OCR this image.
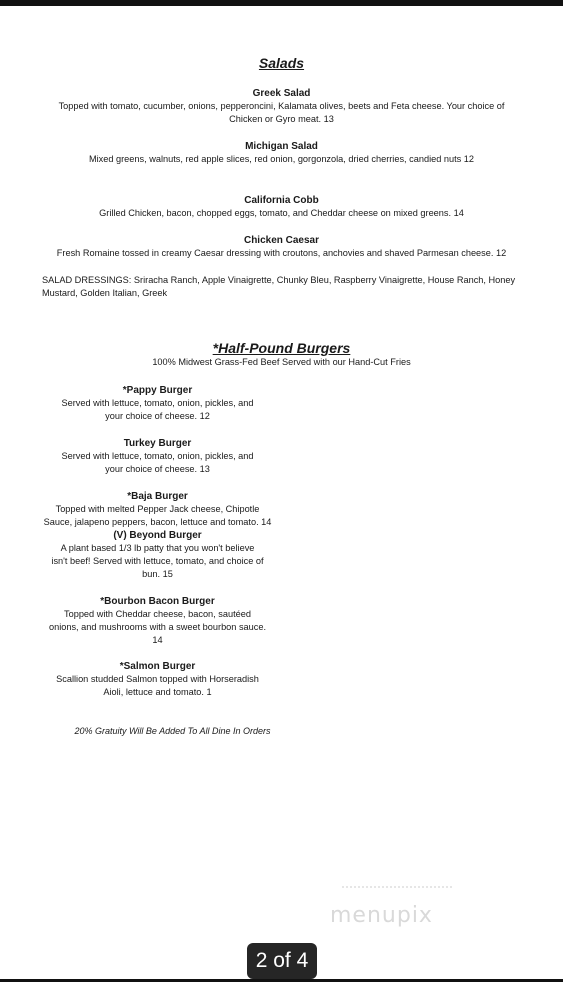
Salads

Greek Salad

Topped with tomato, cucumber, onions, pepperoncini, Kalamata olives, beets and Feta cheese. Your choice of

Chicken or Gyro meat. 13

Michigan Salad

Mixed greens, walnuts, red apple slices, red onion, gorgonzola, dried cherries, candied nuts 12

California Cobb

Grilled Chicken, bacon, chopped eggs, tomato, and Cheddar cheese on mixed greens. 14

Chicken Caesar

Fresh Romaine tossed in creamy Caesar dressing with croutons, anchovies and shaved Parmesan cheese. 12

SALAD DRESSINGS: Sriracha Ranch, Apple Vinaigrette, Chunky Bleu, Raspberry Vinaigrette, House Ranch, Honey

Mustard, Golden Italian, Greek

*Half-Pound Burgers

100% Midwest Grass-Fed Beef Served with our Hand-Cut Fries

*Pappy Burger

Served with lettuce, tomato, onion, pickles, and

your choice of cheese. 12

Turkey Burger

Served with lettuce, tomato, onion, pickles, and

your choice of cheese. 13

*Baja Burger

Topped with melted Pepper Jack cheese, Chipotle

Sauce, jalapeno peppers, bacon, lettuce and tomato. 14

(V) Beyond Burger

A plant based 1/3 lb patty that you won't believe

isn't beef! Served with lettuce, tomato, and choice of

bun. 15

*Bourbon Bacon Burger

Topped with Cheddar cheese, bacon, sautéed

onions, and mushrooms with a sweet bourbon sauce.

14

*Salmon Burger

Scallion studded Salmon topped with Horseradish

Aioli, lettuce and tomato. 1

20% Gratuity Will Be Added To All Dine In Orders

menupix
2 of 4
